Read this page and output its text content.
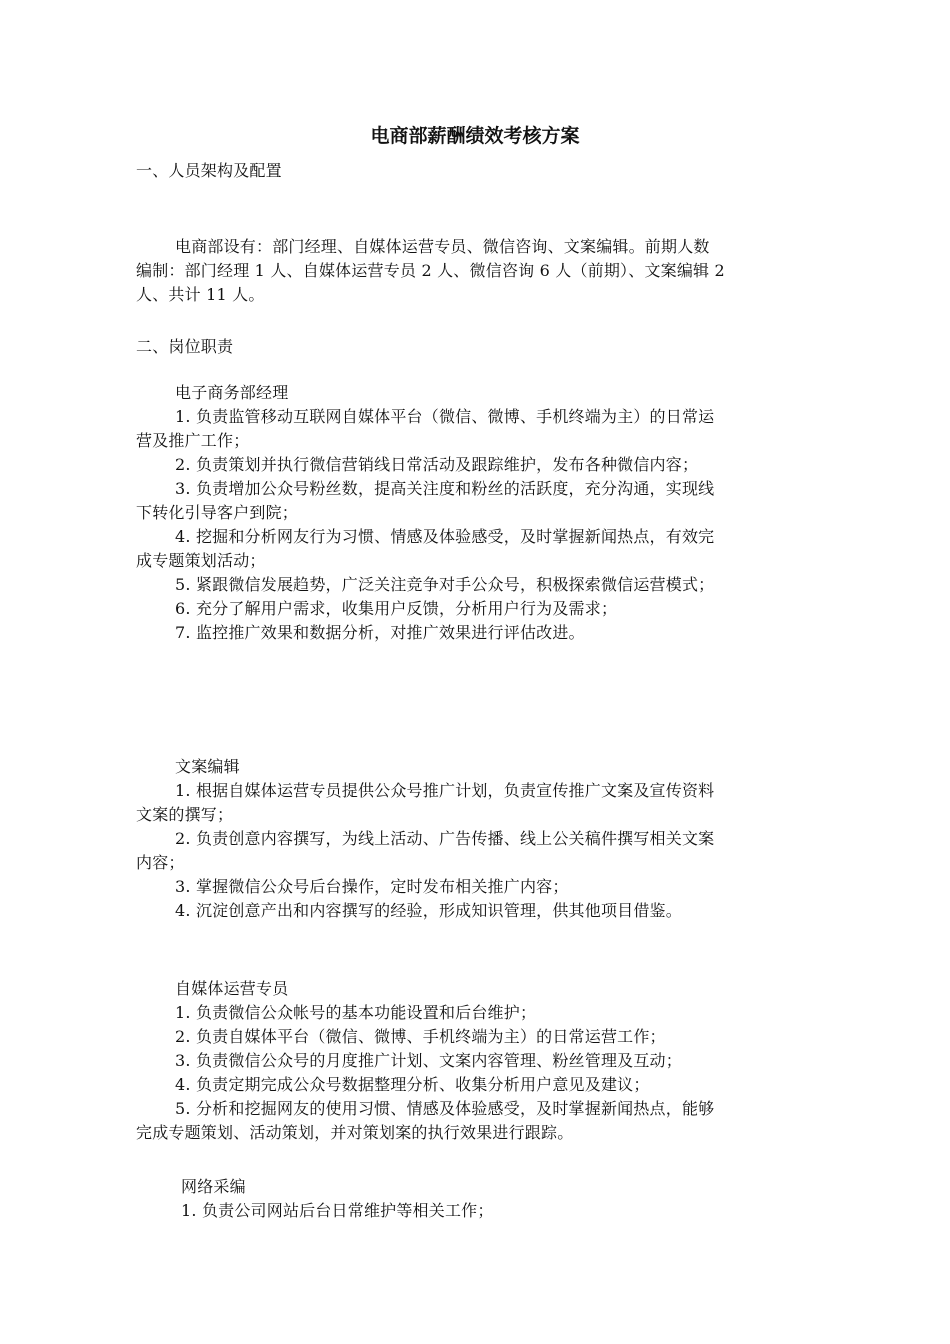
电商部薪酬绩效考核方案
一、人员架构及配置
电商部设有：部门经理、自媒体运营专员、微信咨询、文案编辑。前期人数
编制：部门经理 1 人、自媒体运营专员 2 人、微信咨询 6 人（前期）、文案编辑 2
人、共计 11 人。
二、岗位职责
电子商务部经理
1. 负责监管移动互联网自媒体平台（微信、微博、手机终端为主）的日常运
营及推广工作；
2. 负责策划并执行微信营销线日常活动及跟踪维护，发布各种微信内容；
3. 负责增加公众号粉丝数，提高关注度和粉丝的活跃度，充分沟通，实现线
下转化引导客户到院；
4. 挖掘和分析网友行为习惯、情感及体验感受，及时掌握新闻热点，有效完
成专题策划活动；
5. 紧跟微信发展趋势，广泛关注竞争对手公众号，积极探索微信运营模式；
6. 充分了解用户需求，收集用户反馈，分析用户行为及需求；
7. 监控推广效果和数据分析，对推广效果进行评估改进。
文案编辑
1. 根据自媒体运营专员提供公众号推广计划，负责宣传推广文案及宣传资料
文案的撰写；
2. 负责创意内容撰写，为线上活动、广告传播、线上公关稿件撰写相关文案
内容；
3. 掌握微信公众号后台操作，定时发布相关推广内容；
4. 沉淀创意产出和内容撰写的经验，形成知识管理，供其他项目借鉴。
自媒体运营专员
1. 负责微信公众帐号的基本功能设置和后台维护；
2. 负责自媒体平台（微信、微博、手机终端为主）的日常运营工作；
3. 负责微信公众号的月度推广计划、文案内容管理、粉丝管理及互动；
4. 负责定期完成公众号数据整理分析、收集分析用户意见及建议；
5. 分析和挖掘网友的使用习惯、情感及体验感受，及时掌握新闻热点，能够
完成专题策划、活动策划，并对策划案的执行效果进行跟踪。
网络采编
1. 负责公司网站后台日常维护等相关工作；
